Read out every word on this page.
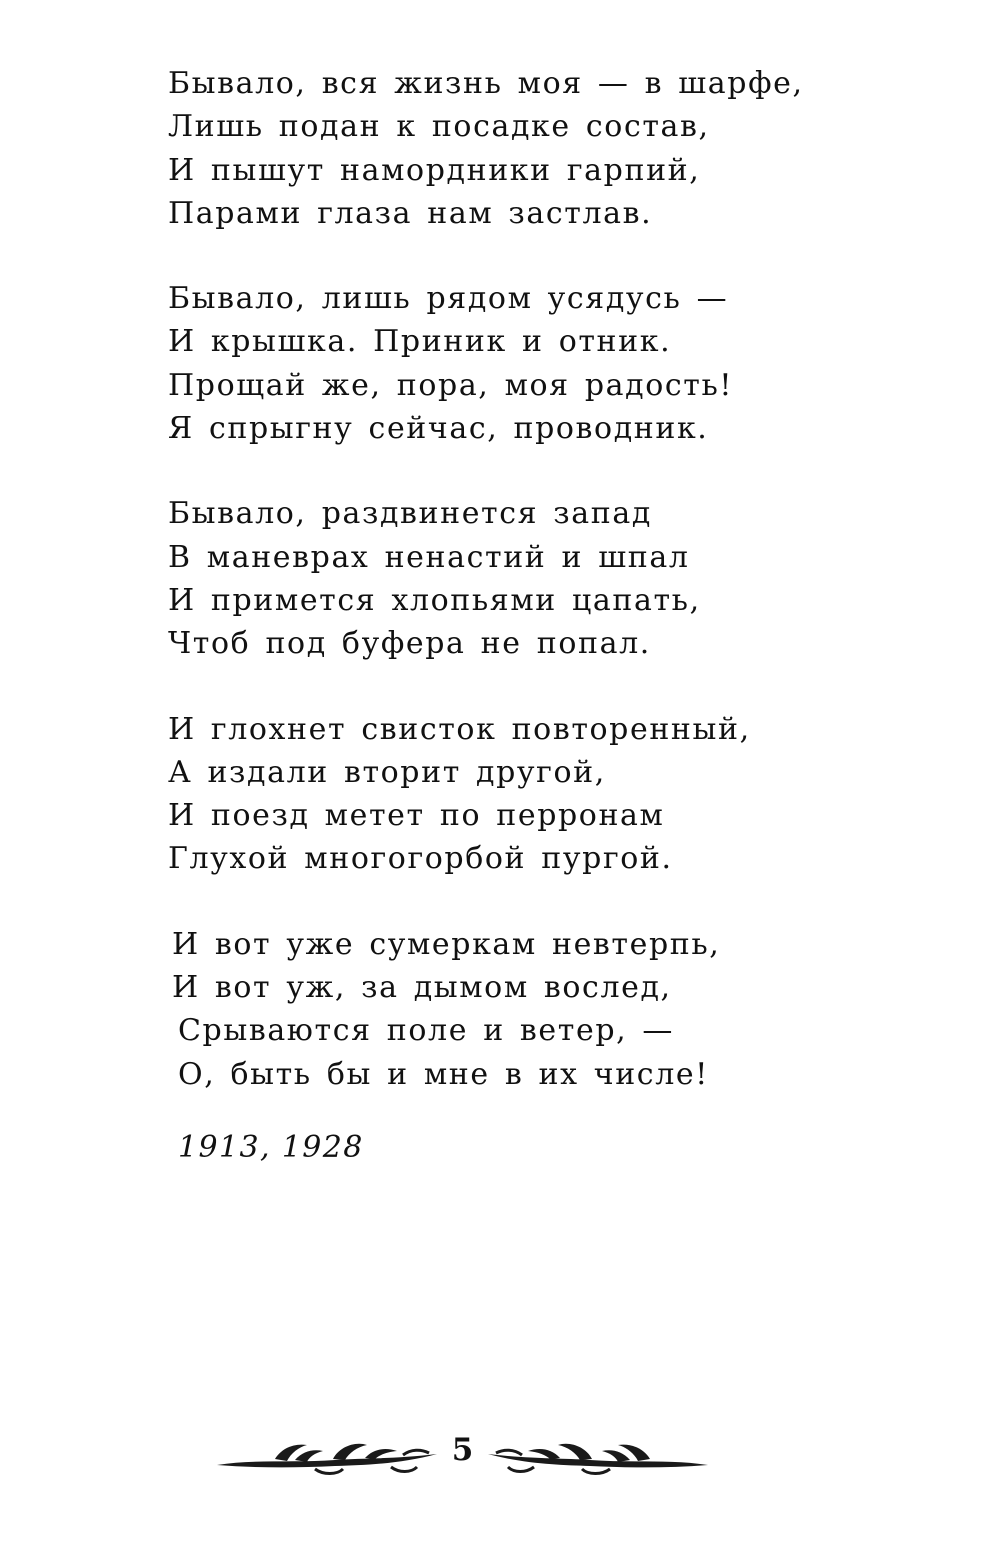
Бывало, вся жизнь моя — в шарфе,
Лишь подан к посадке состав,
И пышут намордники гарпий,
Парами глаза нам застлав.
Бывало, лишь рядом усядусь —
И крышка. Приник и отник.
Прощай же, пора, моя радость!
Я спрыгну сейчас, проводник.
Бывало, раздвинется запад
В маневрах ненастий и шпал
И примется хлопьями цапать,
Чтоб под буфера не попал.
И глохнет свисток повторенный,
А издали вторит другой,
И поезд метет по перронам
Глухой многогорбой пургой.
И вот уже сумеркам невтерпь,
И вот уж, за дымом вослед,
Срываются поле и ветер, —
О, быть бы и мне в их числе!
1913, 1928
5
